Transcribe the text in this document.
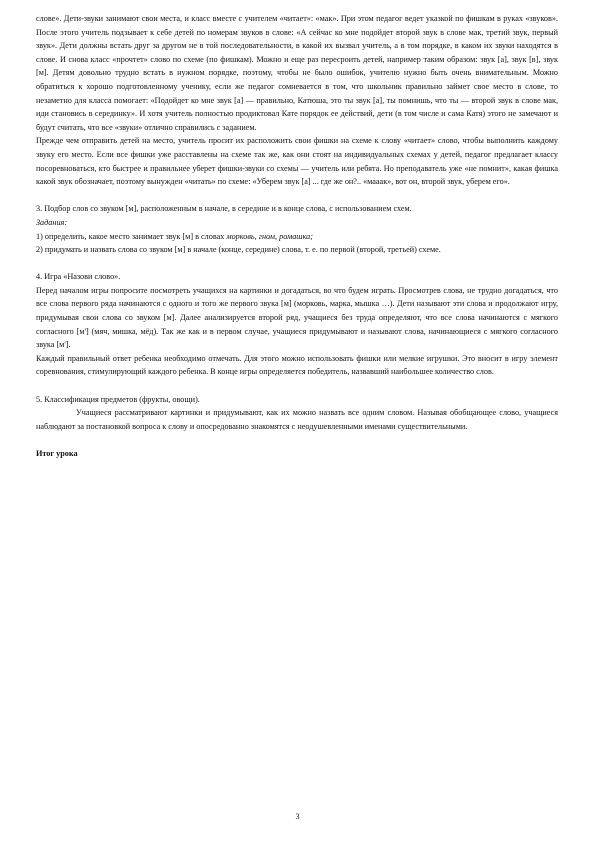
слове». Дети-звуки занимают свои места, и класс вместе с учителем «читает»: «мак». При этом педагог ведет указкой по фишкам в руках «звуков». После этого учитель подзывает к себе детей по номерам звуков в слове: «А сейчас ко мне подойдет второй звук в слове мак, третий звук, первый звук». Дети должны встать друг за другом не в той последовательности, в какой их вызвал учитель, а в том порядке, в каком их звуки находятся в слове. И снова класс «прочтет» слово по схеме (по фишкам). Можно и еще раз пересроить детей, например таким образом: звук [а], звук [в], звук [м]. Детям довольно трудно встать в нужном порядке, поэтому, чтобы не было ошибок, учителю нужно быть очень внимательным. Можно обратиться к хорошо подготовленному ученику, если же педагог сомневается в том, что школьник правильно займет свое место в слове, то незаметно для класса помогает: «Подойдет ко мне звук [а] — правильно, Катюша, это ты звук [а], ты помнишь, что ты — второй звук в слове мак, иди становись в серединку». И хотя учитель полностью продиктовал Кате порядок ее действий, дети (в том числе и сама Катя) этого не замечают и будут считать, что все «звуки» отлично справились с заданием.

Прежде чем отправить детей на место, учитель просит их расположить свои фишки на схеме к слову «читает» слово, чтобы выполнить каждому звуку его место. Если все фишки уже расставлены на схеме так же, как они стоят на индивидуальных схемах у детей, педагог предлагает классу посоревноваться, кто быстрее и правильнее уберет фишки-звуки со схемы — учитель или ребята. Но преподаватель уже «не помнит», какая фишка какой звук обозначает, поэтому вынужден «читать» по схеме: «Уберем звук [а] ... где же он?.. «мааак», вот он, второй звук, уберем его».

3. Подбор слов со звуком [м], расположенным в начале, в середине и в конце слова, с использованием схем.

Задания:

1) определить, какое место занимает звук [м] в словах морковь, гном, ромашка;

2) придумать и назвать слова со звуком [м] в начале (конце, середине) слова, т. е. по первой (второй, третьей) схеме.

4. Игра «Назови слово».

Перед началом игры попросите посмотреть учащихся на картинки и догадаться, во что будем играть. Просмотрев слова, не трудно догадаться, что все слова первого ряда начинаются с одного и того же первого звука [м] (морковь, марка, мышка …). Дети называют эти слова и продолжают игру, придумывая свои слова со звуком [м]. Далее анализируется второй ряд, учащиеся без труда определяют, что все слова начинаются с мягкого согласного [м'] (мяч, мишка, мёд). Так же как и в первом случае, учащиеся придумывают и называют слова, начинающиеся с мягкого согласного звука [м'].

Каждый правильный ответ ребенка необходимо отмечать. Для этого можно использовать фишки или мелкие игрушки. Это вносит в игру элемент соревнования, стимулирующий каждого ребенка. В конце игры определяется победитель, назвавший наибольшее количество слов.

5. Классификация предметов (фрукты, овощи).

Учащиеся рассматривают картинки и придумывают, как их можно назвать все одним словом. Называя обобщающее слово, учащиеся наблюдают за постановкой вопроса к слову и опосредованно знакомятся с неодушевленными именами существительными.

Итог урока

3
